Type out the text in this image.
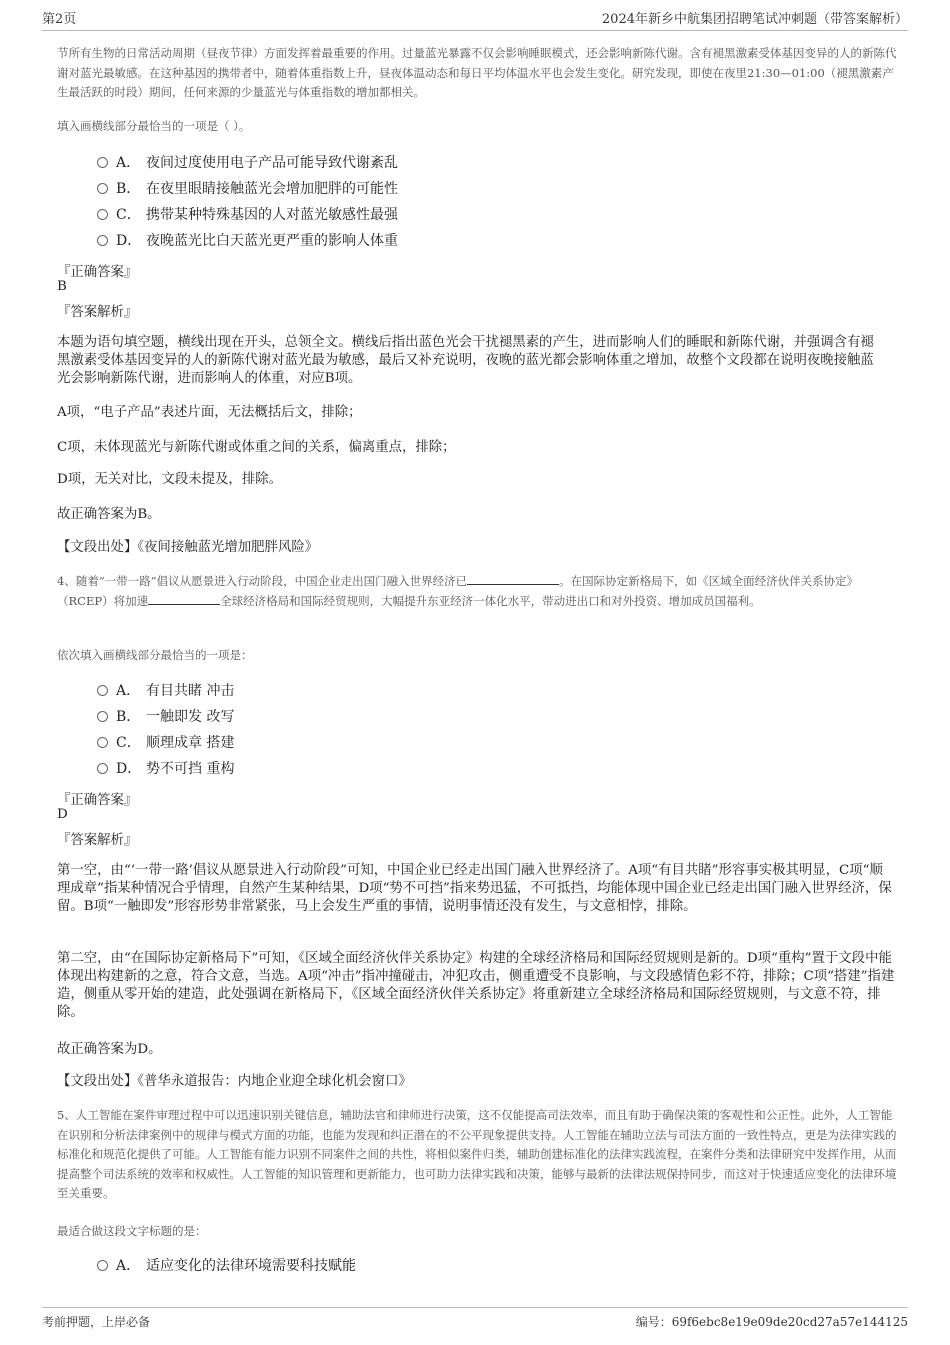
第2页	2024年新乡中航集团招聘笔试冲刺题（带答案解析）
节所有生物的日常活动周期（昼夜节律）方面发挥着最重要的作用。过量蓝光暴露不仅会影响睡眠模式，还会影响新陈代谢。含有褪黑激素受体基因变异的人的新陈代谢对蓝光最敏感。在这种基因的携带者中，随着体重指数上升，昼夜体温动态和每日平均体温水平也会发生变化。研究发现，即使在夜里21:30—01:00（褪黑激素产生最活跃的时段）期间，任何来源的少量蓝光与体重指数的增加都相关。
填入画横线部分最恰当的一项是（ ）。
A． 夜间过度使用电子产品可能导致代谢紊乱
B． 在夜里眼睛接触蓝光会增加肥胖的可能性
C． 携带某种特殊基因的人对蓝光敏感性最强
D． 夜晚蓝光比白天蓝光更严重的影响人体重
『正确答案』
B
『答案解析』
本题为语句填空题，横线出现在开头，总领全文。横线后指出蓝色光会干扰褪黑素的产生，进而影响人们的睡眠和新陈代谢，并强调含有褪黑激素受体基因变异的人的新陈代谢对蓝光最为敏感，最后又补充说明，夜晚的蓝光都会影响体重之增加，故整个文段都在说明夜晚接触蓝光会影响新陈代谢，进而影响人的体重，对应B项。
A项，“电子产品”表述片面，无法概括后文，排除；
C项，未体现蓝光与新陈代谢或体重之间的关系，偏离重点，排除；
D项，无关对比，文段未提及，排除。
故正确答案为B。
【文段出处】《夜间接触蓝光增加肥胖风险》
4、随着“一带一路”倡议从愿景进入行动阶段，中国企业走出国门融入世界经济已	。在国际协定新格局下，如《区域全面经济伙伴关系协定》（RCEP）将加速	全球经济格局和国际经贸规则，大幅提升东亚经济一体化水平，带动进出口和对外投资、增加成员国福利。
依次填入画横线部分最恰当的一项是：
A． 有目共睹 冲击
B． 一触即发 改写
C． 顺理成章 搭建
D． 势不可挡 重构
『正确答案』
D
『答案解析』
第一空，由“‘一带一路’倡议从愿景进入行动阶段”可知，中国企业已经走出国门融入世界经济了。A项“有目共睹”形容事实极其明显，C项“顺理成章”指某种情况合乎情理，自然产生某种结果，D项“势不可挡”指来势迅猛，不可抵挡，均能体现中国企业已经走出国门融入世界经济，保留。B项“一触即发”形容形势非常紧张，马上会发生严重的事情，说明事情还没有发生，与文意相悖，排除。
第二空，由“在国际协定新格局下”可知，《区域全面经济伙伴关系协定》构建的全球经济格局和国际经贸规则是新的。D项“重构”置于文段中能体现出构建新的之意，符合文意，当选。A项“冲击”指冲撞碰击，冲犯攻击，侧重遭受不良影响，与文段感情色彩不符，排除；C项“搭建”指建造，侧重从零开始的建造，此处强调在新格局下，《区域全面经济伙伴关系协定》将重新建立全球经济格局和国际经贸规则，与文意不符，排除。
故正确答案为D。
【文段出处】《普华永道报告：内地企业迎全球化机会窗口》
5、人工智能在案件审理过程中可以迅速识别关键信息，辅助法官和律师进行决策，这不仅能提高司法效率，而且有助于确保决策的客观性和公正性。此外，人工智能在识别和分析法律案例中的规律与模式方面的功能，也能为发现和纠正潜在的不公平现象提供支持。人工智能在辅助立法与司法方面的一致性特点，更是为法律实践的标准化和规范化提供了可能。人工智能有能力识别不同案件之间的共性，将相似案件归类，辅助创建标准化的法律实践流程，在案件分类和法律研究中发挥作用，从而提高整个司法系统的效率和权威性。人工智能的知识管理和更新能力，也可助力法律实践和决策，能够与最新的法律法规保持同步，而这对于快速适应变化的法律环境至关重要。
最适合做这段文字标题的是：
A． 适应变化的法律环境需要科技赋能
考前押题，上岸必备	编号：69f6ebc8e19e09de20cd27a57e144125
